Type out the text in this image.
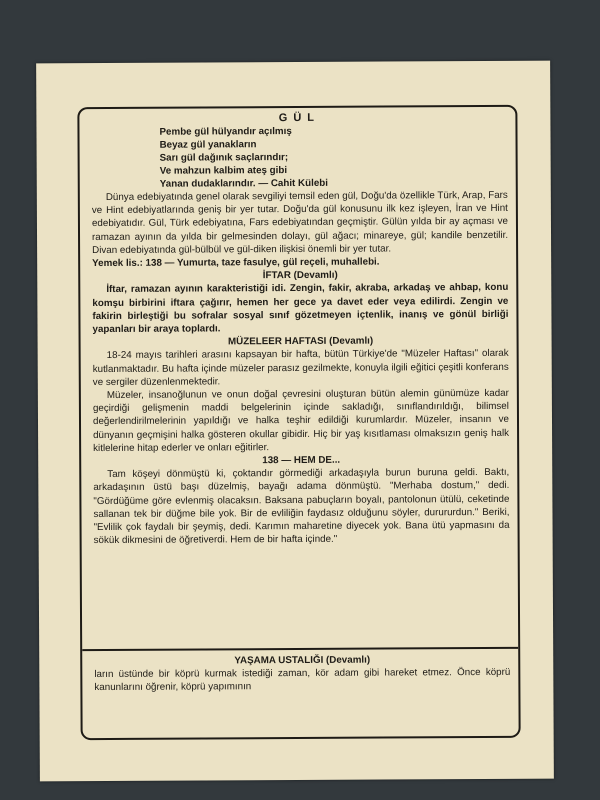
GÜL
Pembe gül hülyandır açılmış
Beyaz gül yanakların
Sarı gül dağınık saçlarındır;
Ve mahzun kalbim ateş gibi
Yanan dudaklarındır. — Cahit Külebi

Dünya edebiyatında genel olarak sevgiliyi temsil eden gül, Doğu'da özellikle Türk, Arap, Fars ve Hint edebiyatlarında geniş bir yer tutar. Doğu'da gül konusunu ilk kez işleyen, İran ve Hint edebiyatıdır. Gül, Türk edebiyatına, Fars edebiyatından geçmiştir. Gülün yılda bir ay açması ve ramazan ayının da yılda bir gelmesinden dolayı, gül ağacı; minareye, gül; kandile benzetilir. Divan edebiyatında gül-bülbül ve gül-diken ilişkisi önemli bir yer tutar.

Yemek lis.: 138 — Yumurta, taze fasulye, gül reçeli, muhallebi.

İFTAR (Devamlı)

İftar, ramazan ayının karakteristiği idi. Zengin, fakir, akraba, arkadaş ve ahbap, konu komşu birbirini iftara çağırır, hemen her gece ya davet eder veya edilirdi. Zengin ve fakirin birleştiği bu sofralar sosyal sınıf gözetmeyen içtenlik, inanış ve gönül birliği yapanları bir araya toplardı.

MÜZELEER HAFTASI (Devamlı)

18-24 mayıs tarihleri arasını kapsayan bir hafta, bütün Türkiye'de "Müzeler Haftası" olarak kutlanmaktadır. Bu hafta içinde müzeler parasız gezilmekte, konuyla ilgili eğitici çeşitli konferans ve sergiler düzenlenmektedir.

Müzeler, insanoğlunun ve onun doğal çevresini oluşturan bütün alemin günümüze kadar geçirdiği gelişmenin maddi belgelerinin içinde sakladığı, sınıflandırıldığı, bilimsel değerlendirilmelerinin yapıldığı ve halka teşhir edildiği kurumlardır. Müzeler, insanın ve dünyanın geçmişini halka gösteren okullar gibidir. Hiç bir yaş kısıtlaması olmaksızın geniş halk kitlelerine hitap ederler ve onları eğitirler.

138 — HEM DE...

Tam köşeyi dönmüştü ki, çoktandır görmediği arkadaşıyla burun buruna geldi. Baktı, arkadaşının üstü başı düzelmiş, bayağı adama dönmüştü. "Merhaba dostum," dedi. "Gördüğüme göre evlenmiş olacaksın. Baksana pabuçların boyalı, pantolonun ütülü, ceketinde sallanan tek bir düğme bile yok. Bir de evliliğin faydasız olduğunu söyler, durururdun." Beriki, "Evlilik çok faydalı bir şeymiş, dedi. Karımın maharetine diyecek yok. Bana ütü yapmasını da sökük dikmesini de öğretiverdi. Hem de bir hafta içinde."

YAŞAMA USTALIĞI (Devamlı)

ların üstünde bir köprü kurmak istediği zaman, kör adam gibi hareket etmez. Önce köprü kanunlarını öğrenir, köprü yapımının
